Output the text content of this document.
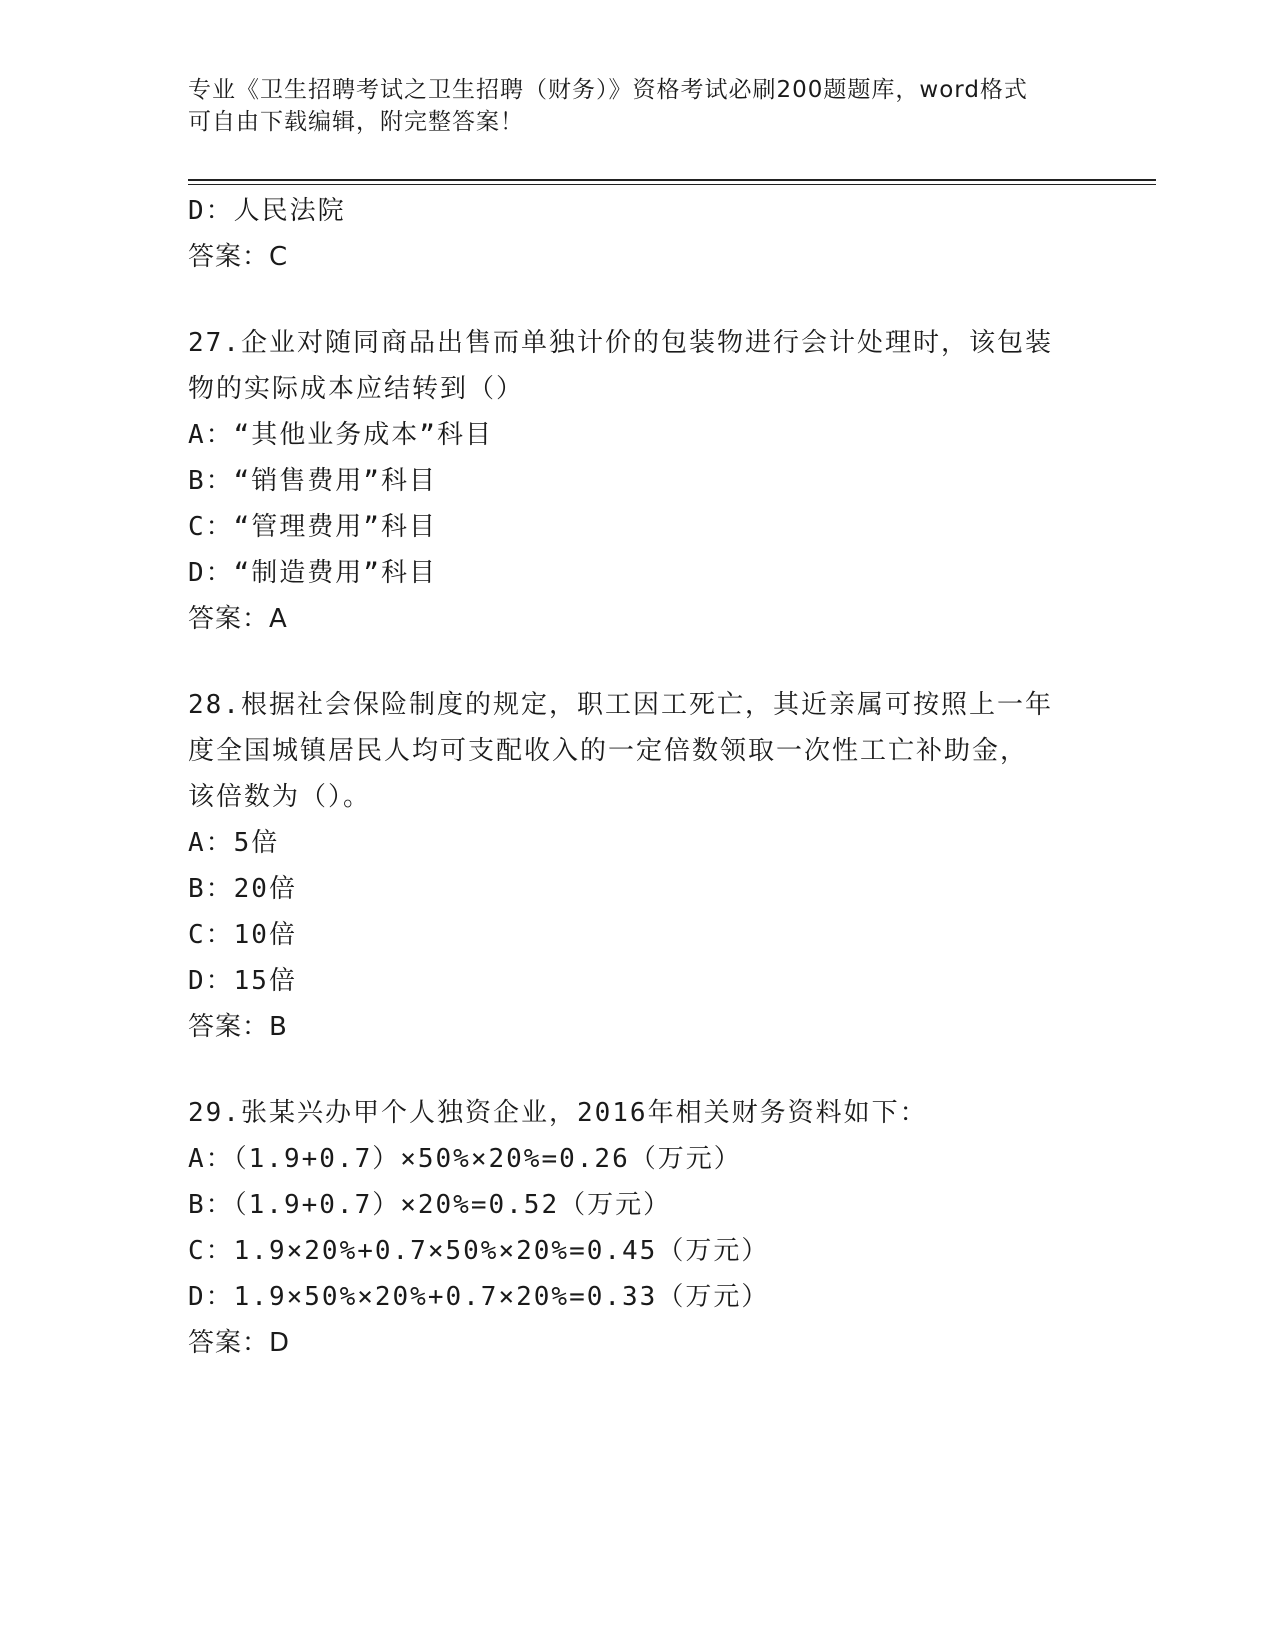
专业《卫生招聘考试之卫生招聘（财务）》资格考试必刷200题题库，word格式
可自由下载编辑，附完整答案！
D：人民法院
答案：C
27.企业对随同商品出售而单独计价的包装物进行会计处理时，该包装
物的实际成本应结转到（）
A：“其他业务成本”科目
B：“销售费用”科目
C：“管理费用”科目
D：“制造费用”科目
答案：A
28.根据社会保险制度的规定，职工因工死亡，其近亲属可按照上一年
度全国城镇居民人均可支配收入的一定倍数领取一次性工亡补助金，
该倍数为（）。
A：5倍
B：20倍
C：10倍
D：15倍
答案：B
29.张某兴办甲个人独资企业，2016年相关财务资料如下：
A：（1.9+0.7）×50%×20%=0.26（万元）
B：（1.9+0.7）×20%=0.52（万元）
C：1.9×20%+0.7×50%×20%=0.45（万元）
D：1.9×50%×20%+0.7×20%=0.33（万元）
答案：D
